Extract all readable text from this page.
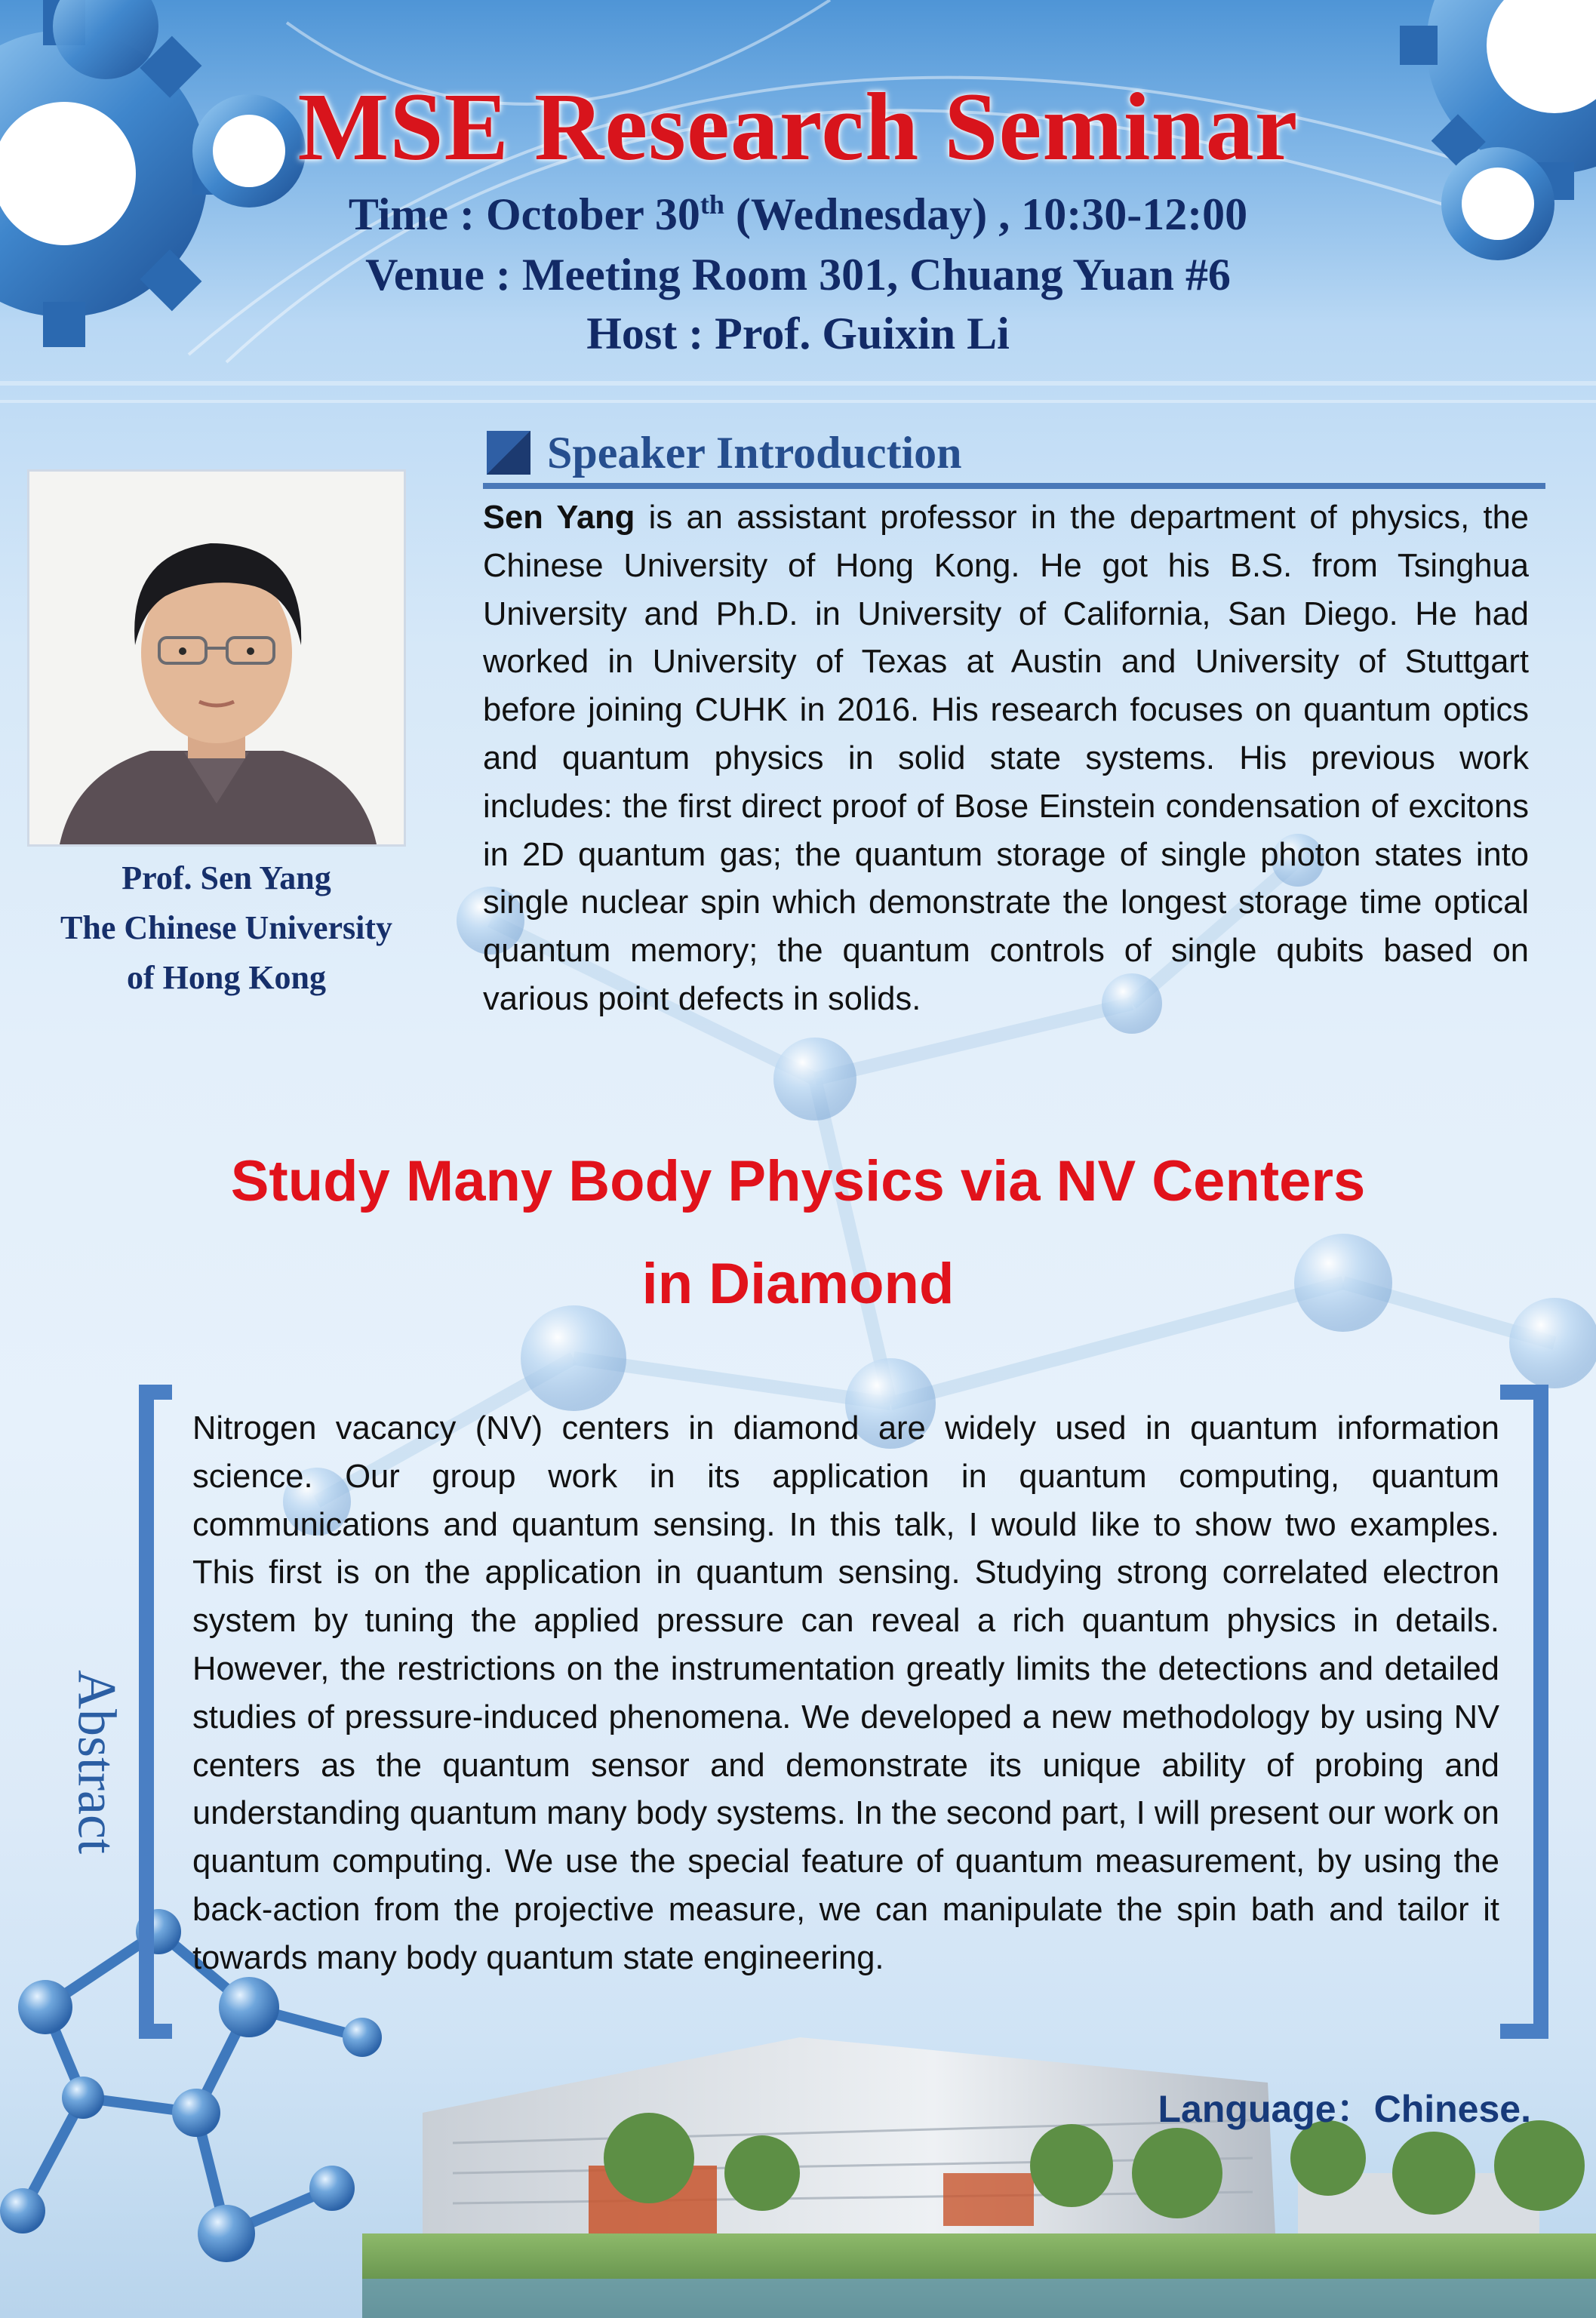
MSE Research Seminar
Time : October 30th (Wednesday) , 10:30-12:00
Venue : Meeting Room 301, Chuang Yuan #6
Host : Prof. Guixin Li
Speaker Introduction
Prof. Sen Yang
The Chinese University
of Hong Kong
Sen Yang is an assistant professor in the department of physics, the Chinese University of Hong Kong. He got his B.S. from Tsinghua University and Ph.D. in University of California, San Diego. He had worked in University of Texas at Austin and University of Stuttgart before joining CUHK in 2016. His research focuses on quantum optics and quantum physics in solid state systems. His previous work includes: the first direct proof of Bose Einstein condensation of excitons in 2D quantum gas; the quantum storage of single photon states into single nuclear spin which demonstrate the longest storage time optical quantum memory; the quantum controls of single qubits based on various point defects in solids.
Study Many Body Physics via NV Centers
in Diamond
Abstract
Nitrogen vacancy (NV) centers in diamond are widely used in quantum information science. Our group work in its application in quantum computing, quantum communications and quantum sensing. In this talk, I would like to show two examples. This first is on the application in quantum sensing. Studying strong correlated electron system by tuning the applied pressure can reveal a rich quantum physics in details. However, the restrictions on the instrumentation greatly limits the detections and detailed studies of pressure-induced phenomena. We developed a new methodology by using NV centers as the quantum sensor and demonstrate its unique ability of probing and understanding quantum many body systems. In the second part, I will present our work on quantum computing. We use the special feature of quantum measurement, by using the back-action from the projective measure, we can manipulate the spin bath and tailor it towards many body quantum state engineering.
Language：Chinese.
